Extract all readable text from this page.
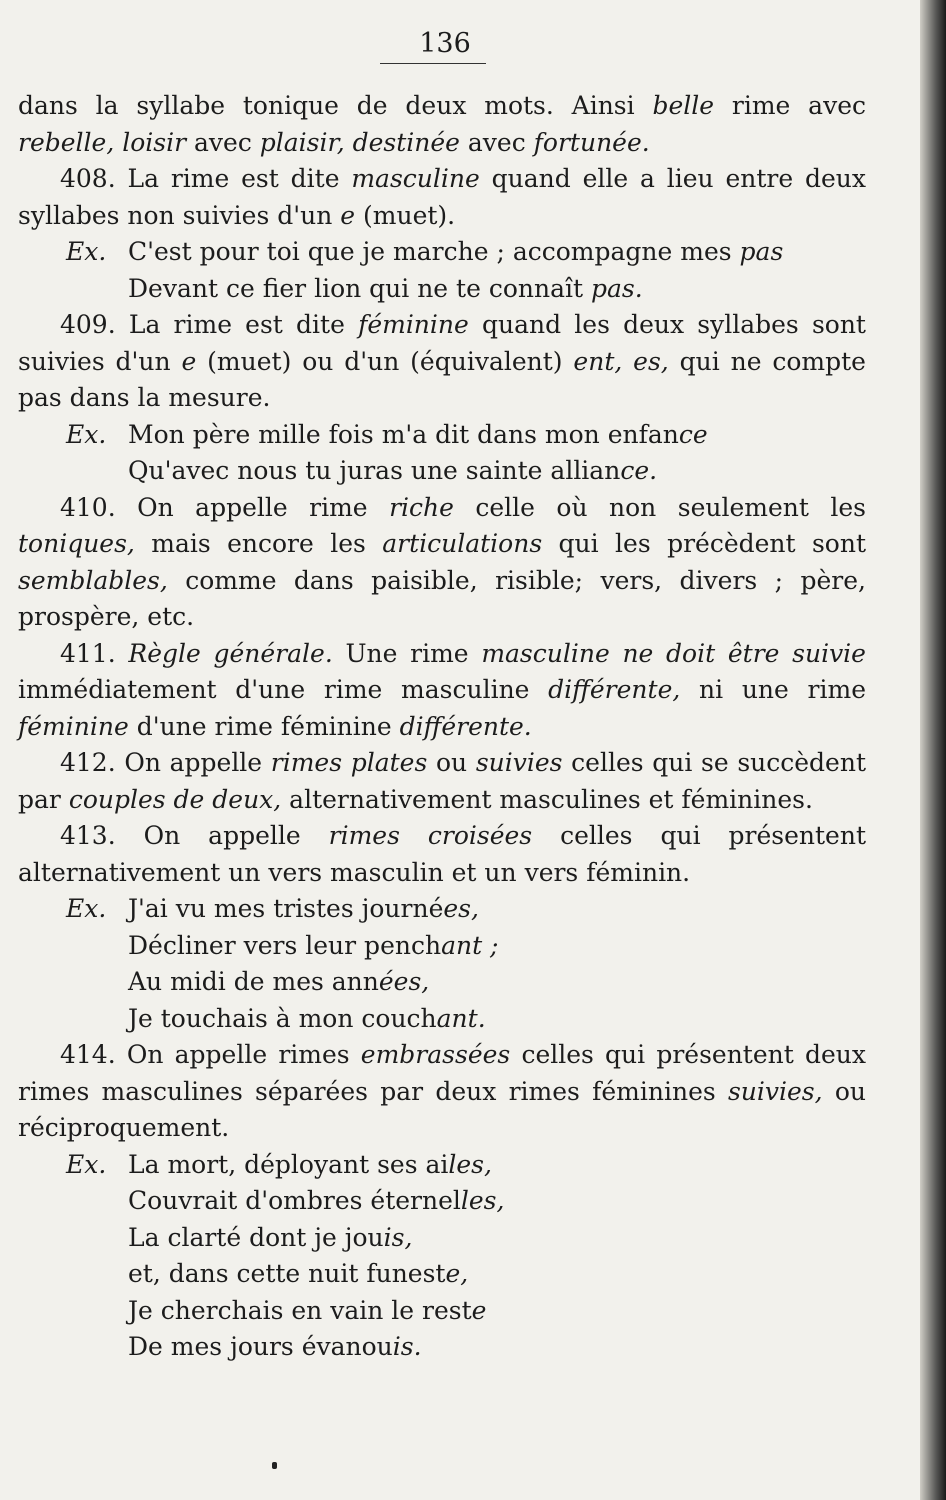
136

dans la syllabe tonique de deux mots. Ainsi belle rime avec rebelle, loisir avec plaisir, destinée avec fortunée.

408. La rime est dite masculine quand elle a lieu entre deux syllabes non suivies d'un e (muet).

Ex. C'est pour toi que je marche ; accompagne mes pas
Devant ce fier lion qui ne te connaît pas.

409. La rime est dite féminine quand les deux syllabes sont suivies d'un e (muet) ou d'un (équivalent) ent, es, qui ne compte pas dans la mesure.

Ex. Mon père mille fois m'a dit dans mon enfance
Qu'avec nous tu juras une sainte alliance.

410. On appelle rime riche celle où non seulement les toniques, mais encore les articulations qui les précèdent sont semblables, comme dans paisible, risible; vers, divers ; père, prospère, etc.

411. Règle générale. Une rime masculine ne doit être suivie immédiatement d'une rime masculine différente, ni une rime féminine d'une rime féminine différente.

412. On appelle rimes plates ou suivies celles qui se succèdent par couples de deux, alternativement masculines et féminines.

413. On appelle rimes croisées celles qui présentent alternativement un vers masculin et un vers féminin.

Ex. J'ai vu mes tristes journées,
Décliner vers leur penchant ;
Au midi de mes années,
Je touchais à mon couchant.

414. On appelle rimes embrassées celles qui présentent deux rimes masculines séparées par deux rimes féminines suivies, ou réciproquement.

Ex. La mort, déployant ses ailes,
Couvrait d'ombres éternelles,
La clarté dont je jouis,
et, dans cette nuit funeste,
Je cherchais en vain le reste
De mes jours évanouis.
